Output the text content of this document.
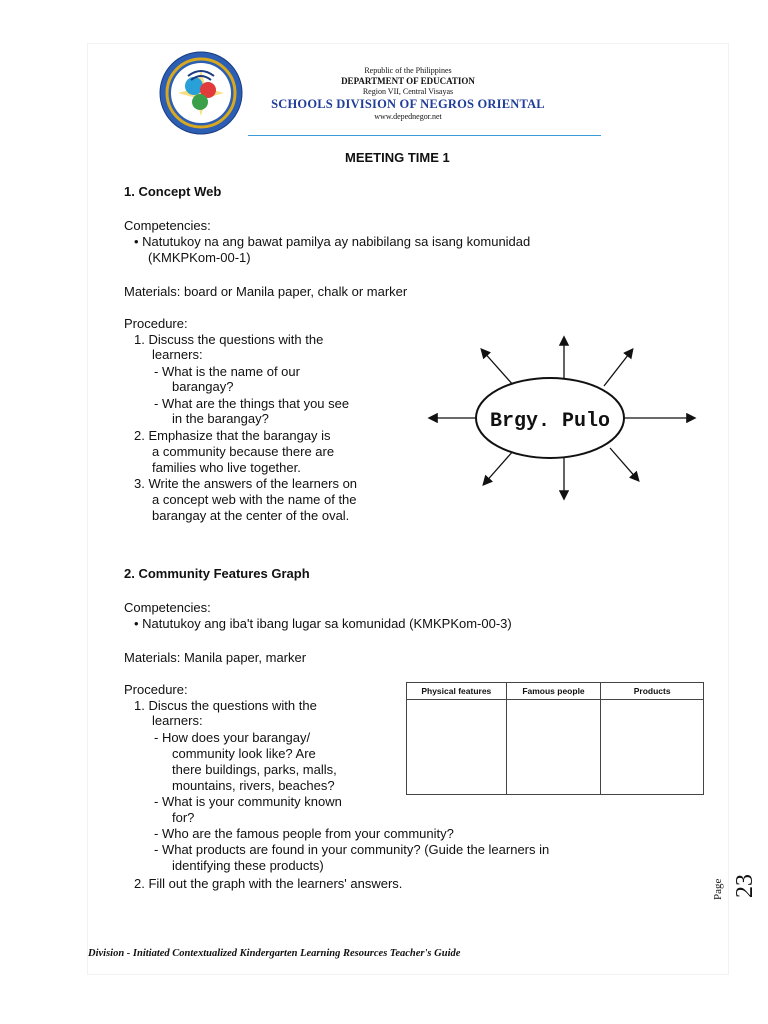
Republic of the Philippines
DEPARTMENT OF EDUCATION
Region VII, Central Visayas
SCHOOLS DIVISION OF NEGROS ORIENTAL
www.depednegor.net
MEETING TIME 1
1. Concept Web
Competencies:
• Natutukoy na ang bawat pamilya ay nabibilang sa isang komunidad
(KMKPKom-00-1)
Materials: board or Manila paper, chalk or marker
Procedure:
1. Discuss the questions with the
learners:
- What is the name of our
barangay?
- What are the things that you see
in the barangay?
2. Emphasize that the barangay is
a community because there are
families who live together.
3. Write the answers of the learners on
a concept web with the name of the
barangay at the center of the oval.
Brgy. Pulo
2. Community Features Graph
Competencies:
• Natutukoy ang iba't ibang lugar sa komunidad (KMKPKom-00-3)
Materials: Manila paper, marker
Procedure:
1. Discus the questions with the
learners:
- How does your barangay/
community look like? Are
there buildings, parks, malls,
mountains, rivers, beaches?
- What is your community known
for?
- Who are the famous people from your community?
- What products are found in your community? (Guide the learners in
identifying these products)
2. Fill out the graph with the learners' answers.
Physical features	Famous people	Products

Page 23
Division - Initiated Contextualized Kindergarten Learning Resources Teacher's Guide
